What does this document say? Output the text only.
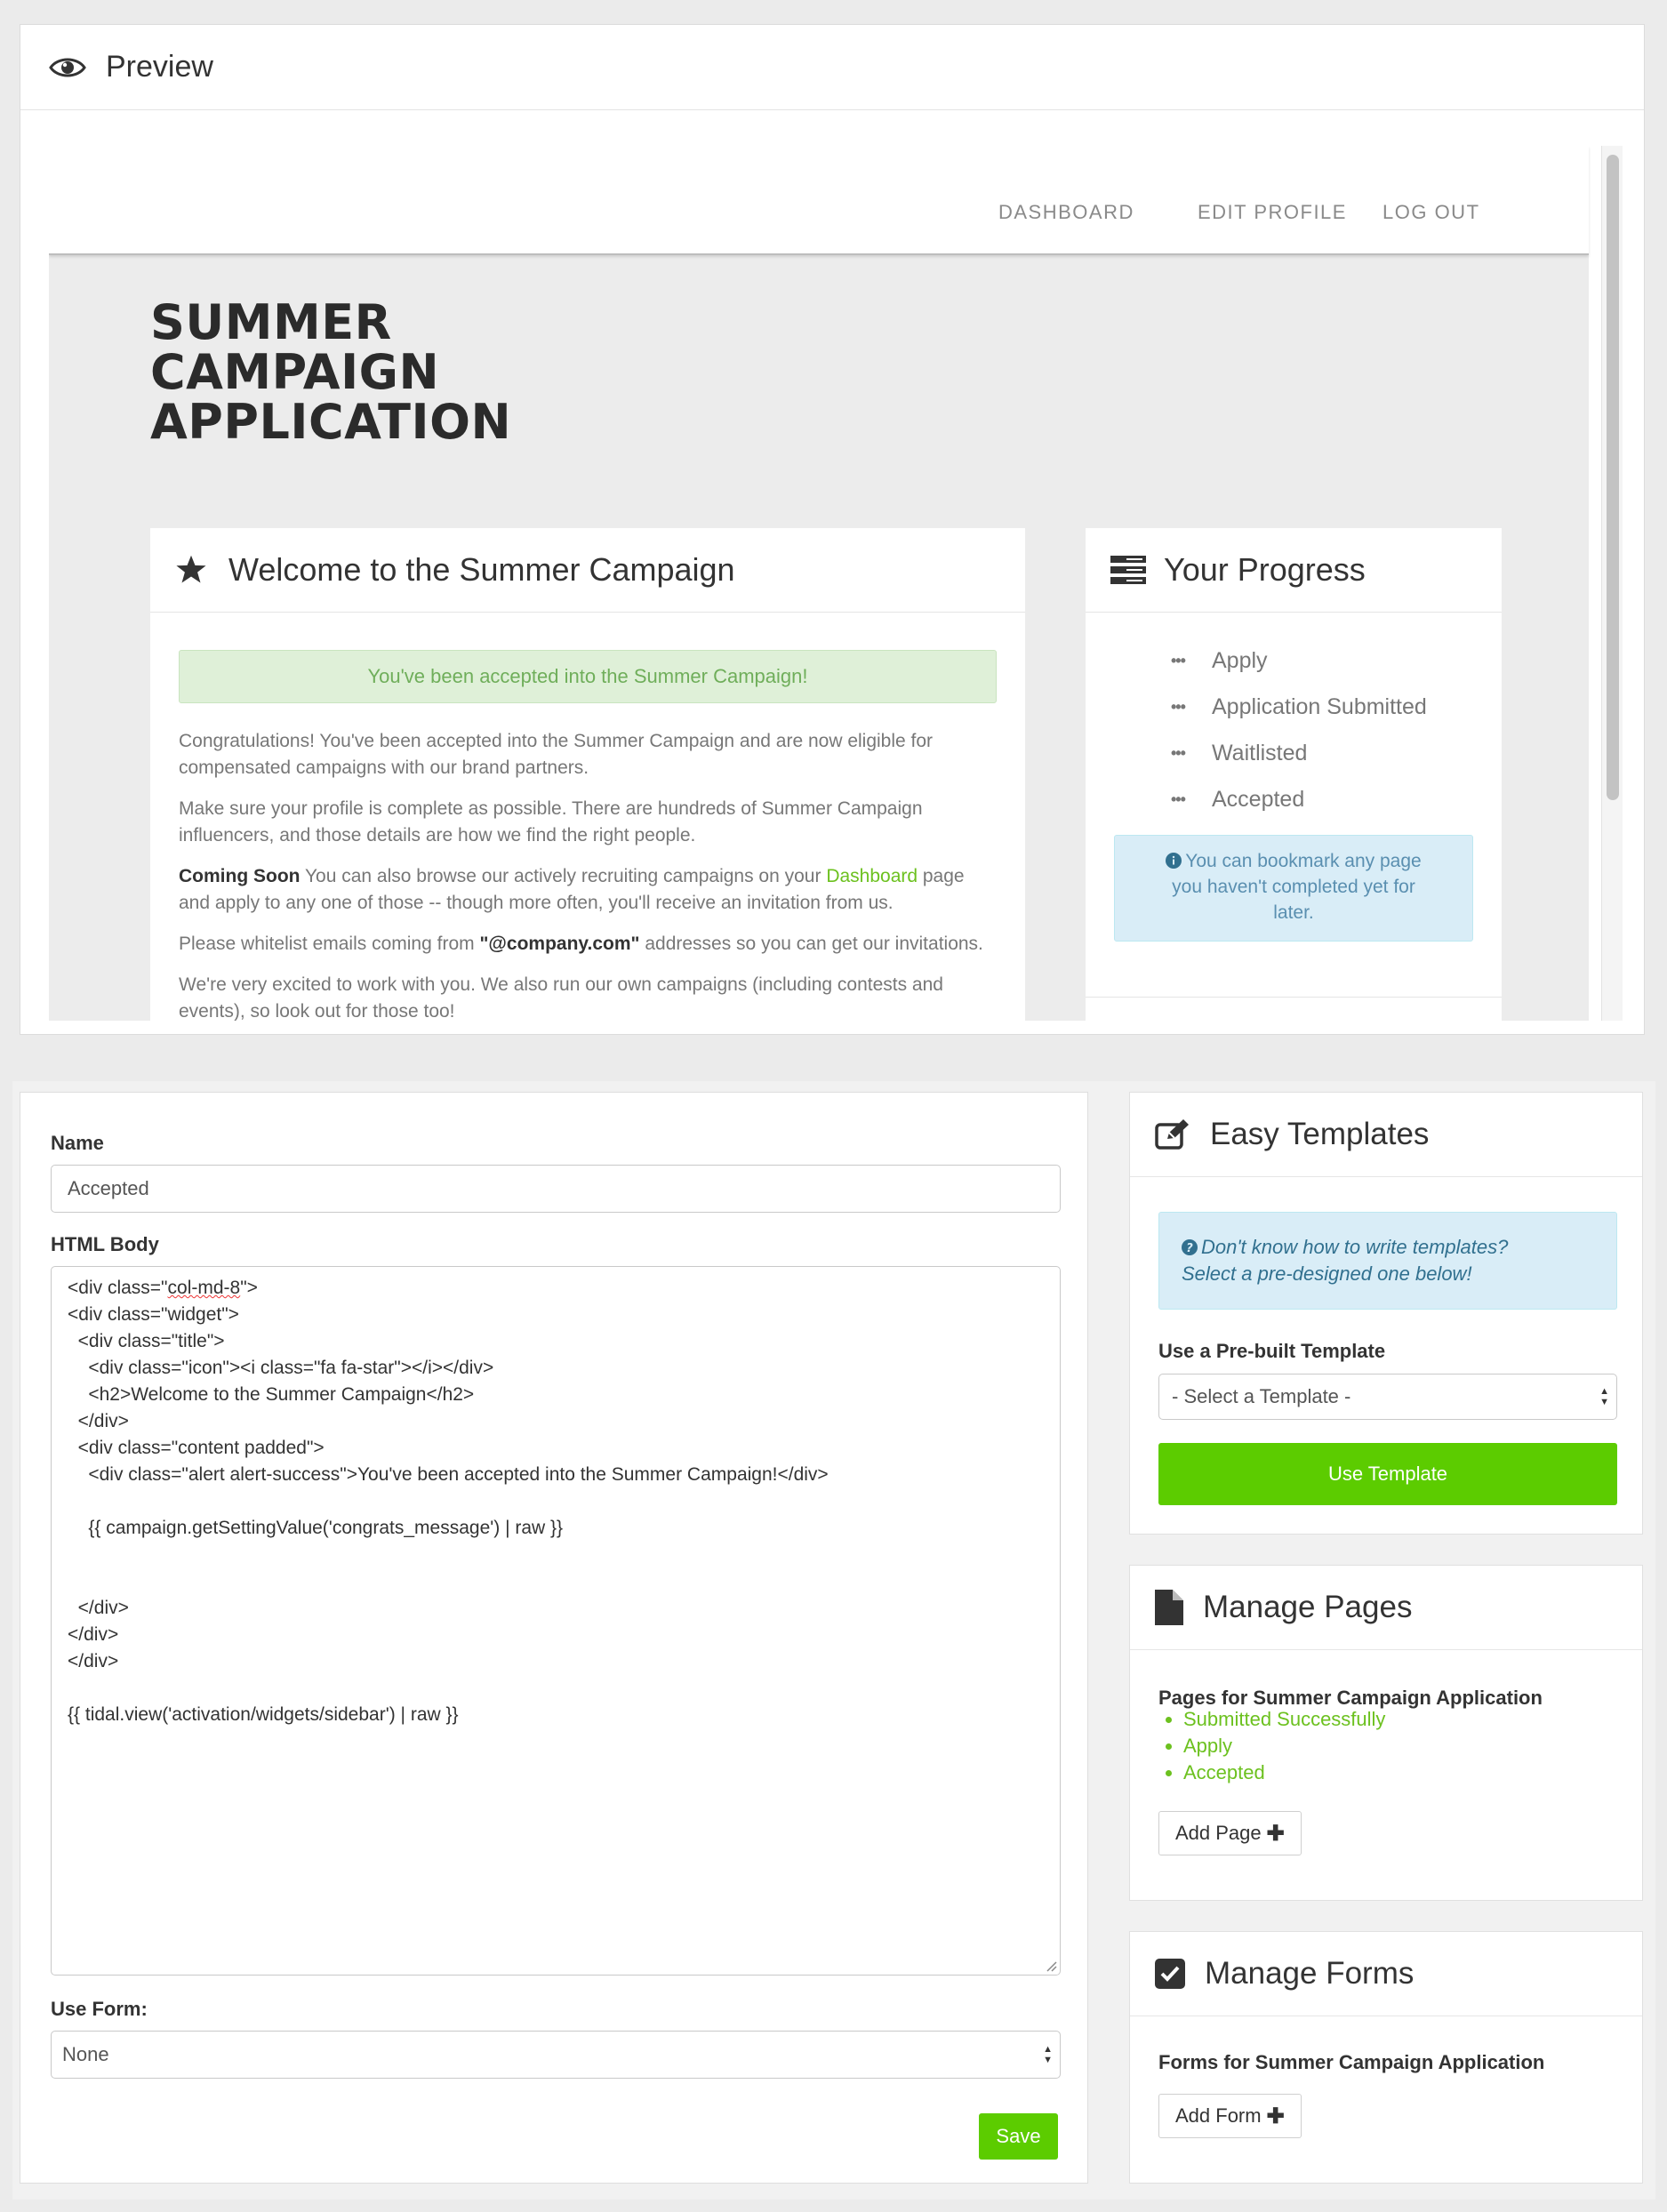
Preview
DASHBOARD	EDIT PROFILE LOG OUT
SUMMER
CAMPAIGN
APPLICATION
Welcome to the Summer Campaign
You've been accepted into the Summer Campaign!

Congratulations! You've been accepted into the Summer Campaign and are now eligible for compensated campaigns with our brand partners.

Make sure your profile is complete as possible. There are hundreds of Summer Campaign influencers, and those details are how we find the right people.

Coming Soon You can also browse our actively recruiting campaigns on your Dashboard page and apply to any one of those -- though more often, you'll receive an invitation from us.

Please whitelist emails coming from "@company.com" addresses so you can get our invitations.

We're very excited to work with you. We also run our own campaigns (including contests and events), so look out for those too!

Your Progress
••• Apply
••• Application Submitted
••• Waitlisted
••• Accepted
You can bookmark any page you haven't completed yet for later.
Name
Accepted
HTML Body
<div class="col-md-8">
<div class="widget">
<div class="title">
<div class="icon"><i class="fa fa-star"></i></div>
<h2>Welcome to the Summer Campaign</h2>
</div>
<div class="content padded">
<div class="alert alert-success">You've been accepted into the Summer Campaign!</div>
{{ campaign.getSettingValue('congrats_message') | raw }}
</div>
</div>
</div>
{{ tidal.view('activation/widgets/sidebar') | raw }}
Use Form:
None	▲
▼
Save
Easy Templates
? Don't know how to write templates?
Select a pre-designed one below!
Use a Pre-built Template
- Select a Template -	▲
▼
Use Template
Manage Pages
Pages for Summer Campaign Application
• Submitted Successfully
• Apply
• Accepted
Add Page ✚
Manage Forms
Forms for Summer Campaign Application
Add Form ✚
